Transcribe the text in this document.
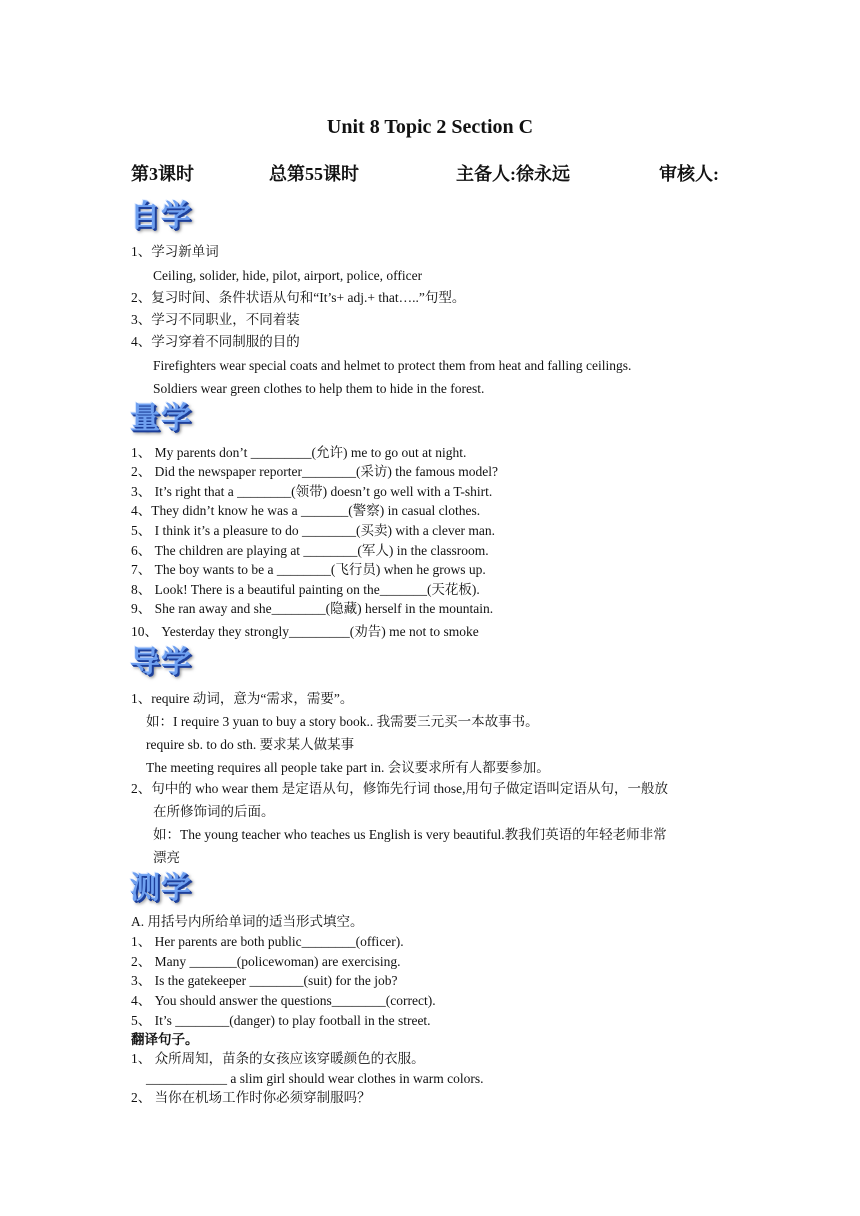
Unit 8 Topic 2 Section C
第3课时	总第55课时	主备人:徐永远	审核人:
自学
1、学习新单词
Ceiling, solider, hide, pilot, airport, police, officer
2、复习时间、条件状语从句和“It’s+ adj.+ that…..”句型。
3、学习不同职业，不同着装
4、学习穿着不同制服的目的
Firefighters wear special coats and helmet to protect them from heat and falling ceilings.
Soldiers wear green clothes to help them to hide in the forest.
量学
1、 My parents don’t _________(允许) me to go out at night.
2、 Did the newspaper reporter________(采访) the famous model?
3、 It’s right that a ________(领带) doesn’t go well with a T-shirt.
4、They didn’t know he was a _______(警察) in casual clothes.
5、 I think it’s a pleasure to do ________(买卖) with a clever man.
6、 The children are playing at ________(军人) in the classroom.
7、 The boy wants to be a ________(飞行员) when he grows up.
8、 Look! There is a beautiful painting on the_______(天花板).
9、 She ran away and she________(隐藏) herself in the mountain.
10、 Yesterday they strongly_________(劝告) me not to smoke
导学
1、require 动词，意为“需求，需要”。
如：I require 3 yuan to buy a story book.. 我需要三元买一本故事书。
require sb. to do sth. 要求某人做某事
The meeting requires all people take part in. 会议要求所有人都要参加。
2、句中的 who wear them 是定语从句，修饰先行词 those,用句子做定语叫定语从句，一般放
在所修饰词的后面。
如：The young teacher who teaches us English is very beautiful.教我们英语的年轻老师非常
漂亮
测学
A. 用括号内所给单词的适当形式填空。
1、 Her parents are both public________(officer).
2、 Many _______(policewoman) are exercising.
3、 Is the gatekeeper ________(suit) for the job?
4、 You should answer the questions________(correct).
5、 It’s ________(danger) to play football in the street.
翻译句子。
1、 众所周知，苗条的女孩应该穿暖颜色的衣服。
____________ a slim girl should wear clothes in warm colors.
2、 当你在机场工作时你必须穿制服吗？
